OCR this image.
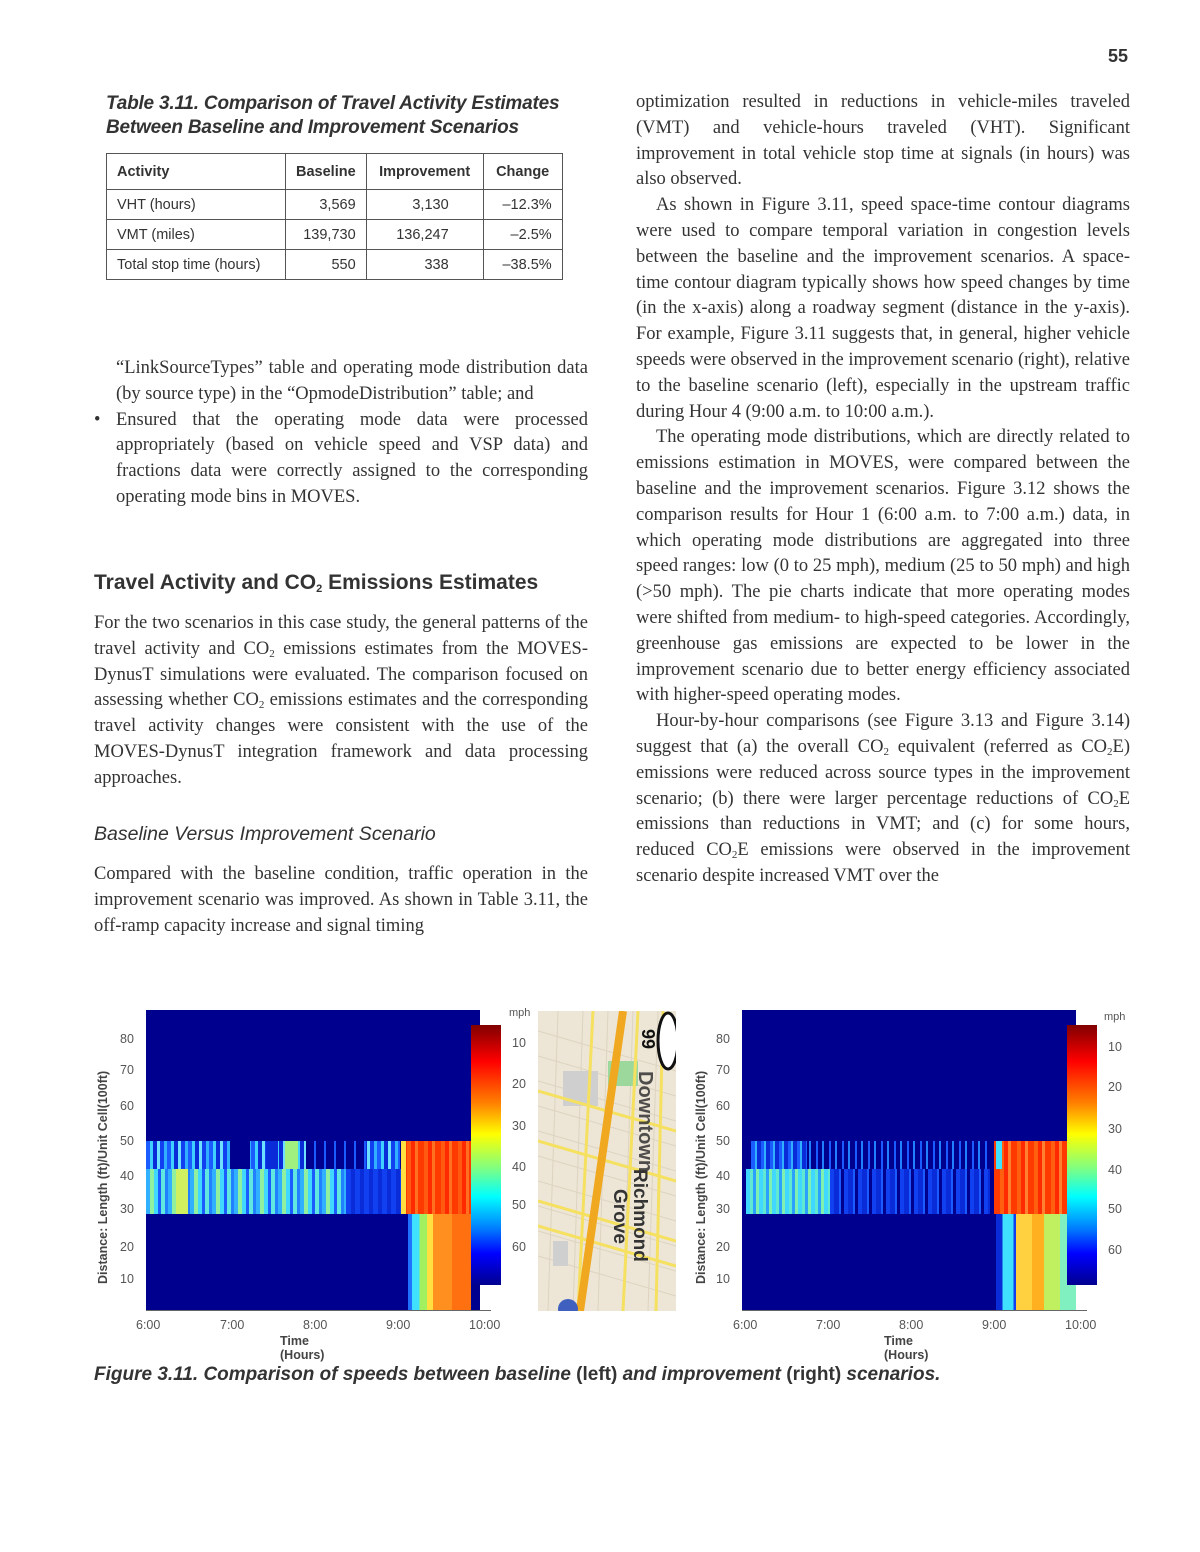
55
Table 3.11. Comparison of Travel Activity Estimates
Between Baseline and Improvement Scenarios
Activity	Baseline	Improvement	Change
VHT (hours)	3,569	3,130	–12.3%
VMT (miles)	139,730	136,247	–2.5%
Total stop time (hours)	550	338	–38.5%

“LinkSourceTypes” table and operating mode distribution data (by source type) in the “OpmodeDistribution” table; and

• Ensured that the operating mode data were processed appropriately (based on vehicle speed and VSP data) and fractions data were correctly assigned to the corresponding operating mode bins in MOVES.
Travel Activity and $CO_2$ Emissions Estimates

For the two scenarios in this case study, the general patterns of the travel activity and $CO_2$ emissions estimates from the MOVES-DynusT simulations were evaluated. The comparison focused on assessing whether $CO_2$ emissions estimates and the corresponding travel activity changes were consistent with the use of the MOVES-DynusT integration framework and data processing approaches.

Baseline Versus Improvement Scenario

Compared with the baseline condition, traffic operation in the improvement scenario was improved. As shown in Table 3.11, the off-ramp capacity increase and signal timing

optimization resulted in reductions in vehicle-miles traveled (VMT) and vehicle-hours traveled (VHT). Significant improvement in total vehicle stop time at signals (in hours) was also observed.

As shown in Figure 3.11, speed space-time contour diagrams were used to compare temporal variation in congestion levels between the baseline and the improvement scenarios. A space-time contour diagram typically shows how speed changes by time (in the x-axis) along a roadway segment (distance in the y-axis). For example, Figure 3.11 suggests that, in general, higher vehicle speeds were observed in the improvement scenario (right), relative to the baseline scenario (left), especially in the upstream traffic during Hour 4 (9:00 a.m. to 10:00 a.m.).

The operating mode distributions, which are directly related to emissions estimation in MOVES, were compared between the baseline and the improvement scenarios. Figure 3.12 shows the comparison results for Hour 1 (6:00 a.m. to 7:00 a.m.) data, in which operating mode distributions are aggregated into three speed ranges: low (0 to 25 mph), medium (25 to 50 mph) and high (>50 mph). The pie charts indicate that more operating modes were shifted from medium- to high-speed categories. Accordingly, greenhouse gas emissions are expected to be lower in the improvement scenario due to better energy efficiency associated with higher-speed operating modes.

Hour-by-hour comparisons (see Figure 3.13 and Figure 3.14) suggest that (a) the overall $CO_2$ equivalent (referred as $CO_2E$) emissions were reduced across source types in the improvement scenario; (b) there were larger percentage reductions of $CO_2E$ emissions than reductions in VMT; and (c) for some hours, reduced $CO_2E$ emissions were observed in the improvement scenario despite increased VMT over the

Distance: Length (ft)/Unit Cell(100ft)
80
70
60
50
40
30
20
10
mph
10
20
30
40
50
60
6:00	7:00	8:00	9:00	10:00
Time (Hours)
99
Downtown
Richmond
Grove	Distance: Length (ft)/Unit Cell(100ft)
80
70
60
50
40
30
20
10
mph
10
20
30
40
50
60
6:00	7:00	8:00	9:00	10:00
Time (Hours)
Figure 3.11. Comparison of speeds between baseline (left) and improvement (right) scenarios.
